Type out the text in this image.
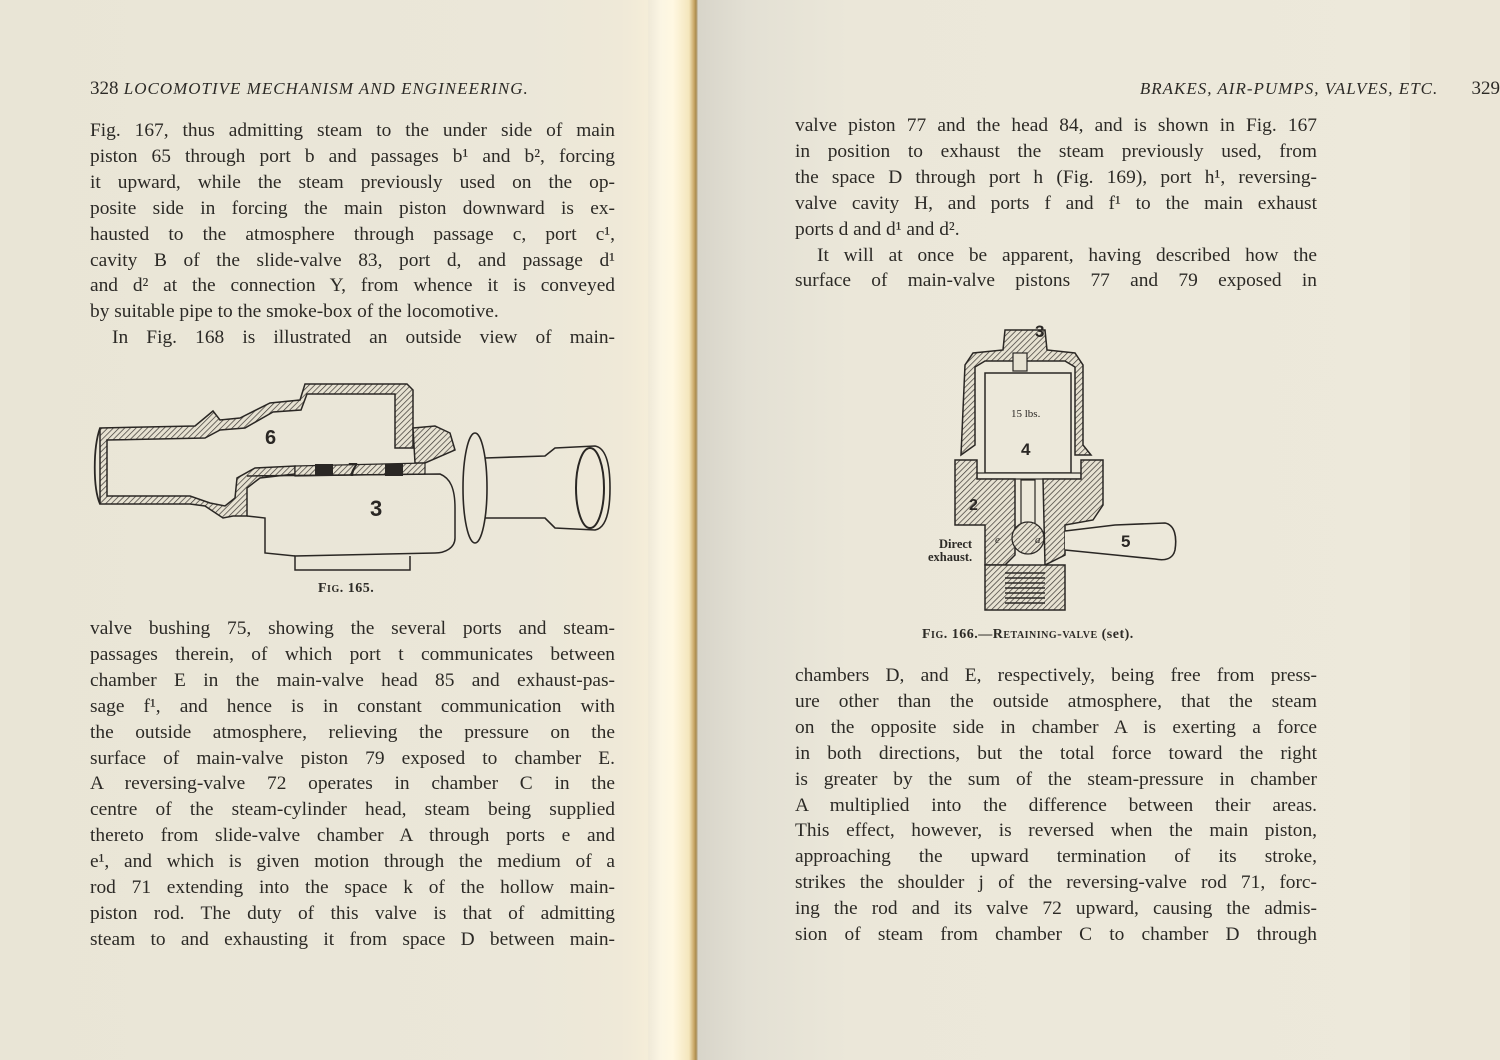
328 LOCOMOTIVE MECHANISM AND ENGINEERING.

Fig. 167, thus admitting steam to the under side of main

piston 65 through port b and passages b¹ and b², forcing

it upward, while the steam previously used on the op-

posite side in forcing the main piston downward is ex-

hausted to the atmosphere through passage c, port c¹,

cavity B of the slide-valve 83, port d, and passage d¹

and d² at the connection Y, from whence it is conveyed

by suitable pipe to the smoke-box of the locomotive.

In Fig. 168 is illustrated an outside view of main-

6
7
3
Fig. 165.

valve bushing 75, showing the several ports and steam-

passages therein, of which port t communicates between

chamber E in the main-valve head 85 and exhaust-pas-

sage f¹, and hence is in constant communication with

the outside atmosphere, relieving the pressure on the

surface of main-valve piston 79 exposed to chamber E.

A reversing-valve 72 operates in chamber C in the

centre of the steam-cylinder head, steam being supplied

thereto from slide-valve chamber A through ports e and

e¹, and which is given motion through the medium of a

rod 71 extending into the space k of the hollow main-

piston rod. The duty of this valve is that of admitting

steam to and exhausting it from space D between main-

BRAKES, AIR-PUMPS, VALVES, ETC. 329

valve piston 77 and the head 84, and is shown in Fig. 167

in position to exhaust the steam previously used, from

the space D through port h (Fig. 169), port h¹, reversing-

valve cavity H, and ports f and f¹ to the main exhaust

ports d and d¹ and d².

It will at once be apparent, having described how the

surface of main-valve pistons 77 and 79 exposed in

3
15 lbs.
4
2
e	a	5
Direct
exhaust.
Fig. 166.—Retaining-valve (set).

chambers D, and E, respectively, being free from press-

ure other than the outside atmosphere, that the steam

on the opposite side in chamber A is exerting a force

in both directions, but the total force toward the right

is greater by the sum of the steam-pressure in chamber

A multiplied into the difference between their areas.

This effect, however, is reversed when the main piston,

approaching the upward termination of its stroke,

strikes the shoulder j of the reversing-valve rod 71, forc-

ing the rod and its valve 72 upward, causing the admis-

sion of steam from chamber C to chamber D through
